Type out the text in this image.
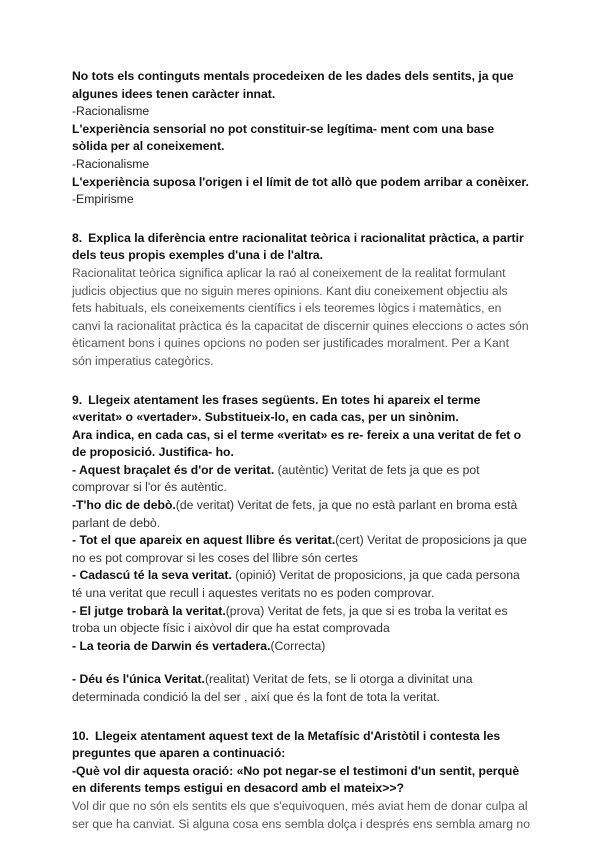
No tots els continguts mentals procedeixen de les dades dels sentits, ja que algunes idees tenen caràcter innat.

-Racionalisme

L'experiència sensorial no pot constituir-se legítima- ment com una base sòlida per al coneixement.

-Racionalisme

L'experiència suposa l'origen i el límit de tot allò que podem arribar a conèixer.

-Empirisme

8. Explica la diferència entre racionalitat teòrica i racionalitat pràctica, a partir dels teus propis exemples d'una i de l'altra.

Racionalitat teòrica significa aplicar la raó al coneixement de la realitat formulant judicis objectius que no siguin meres opinions. Kant diu coneixement objectiu als fets habituals, els coneixements científics i els teoremes lògics i matemàtics, en canvi la racionalitat pràctica és la capacitat de discernir quines eleccions o actes són èticament bons i quines opcions no poden ser justificades moralment. Per a Kant són imperatius categòrics.

9. Llegeix atentament les frases següents. En totes hi apareix el terme «veritat» o «vertader». Substitueix-lo, en cada cas, per un sinònim.

Ara indica, en cada cas, si el terme «veritat» es re- fereix a una veritat de fet o de proposició. Justifica- ho.

- Aquest braçalet és d'or de veritat. (autèntic) Veritat de fets ja que es pot comprovar si l'or és autèntic.

-T'ho dic de debò.(de veritat) Veritat de fets, ja que no està parlant en broma està parlant de debò.

- Tot el que apareix en aquest llibre és veritat.(cert) Veritat de proposicions ja que no es pot comprovar si les coses del llibre són certes

- Cadascú té la seva veritat. (opinió) Veritat de proposicions, ja que cada persona té una veritat que recull i aquestes veritats no es poden comprovar.

- El jutge trobarà la veritat.(prova) Veritat de fets, ja que si es troba la veritat es troba un objecte físic i aixòvol dir que ha estat comprovada

- La teoria de Darwin és vertadera.(Correcta)

- Déu és l'única Veritat.(realitat) Veritat de fets, se li otorga a divinitat una determinada condició la del ser , així que és la font de tota la veritat.

10. Llegeix atentament aquest text de la Metafísic d'Aristòtil i contesta les preguntes que aparen a continuació:

-Què vol dir aquesta oració: «No pot negar-se el testimoni d'un sentit, perquè en diferents temps estigui en desacord amb el mateix>>?

Vol dir que no són els sentits els que s'equivoquen, més aviat hem de donar culpa al ser que ha canviat. Si alguna cosa ens sembla dolça i després ens sembla amarg no
